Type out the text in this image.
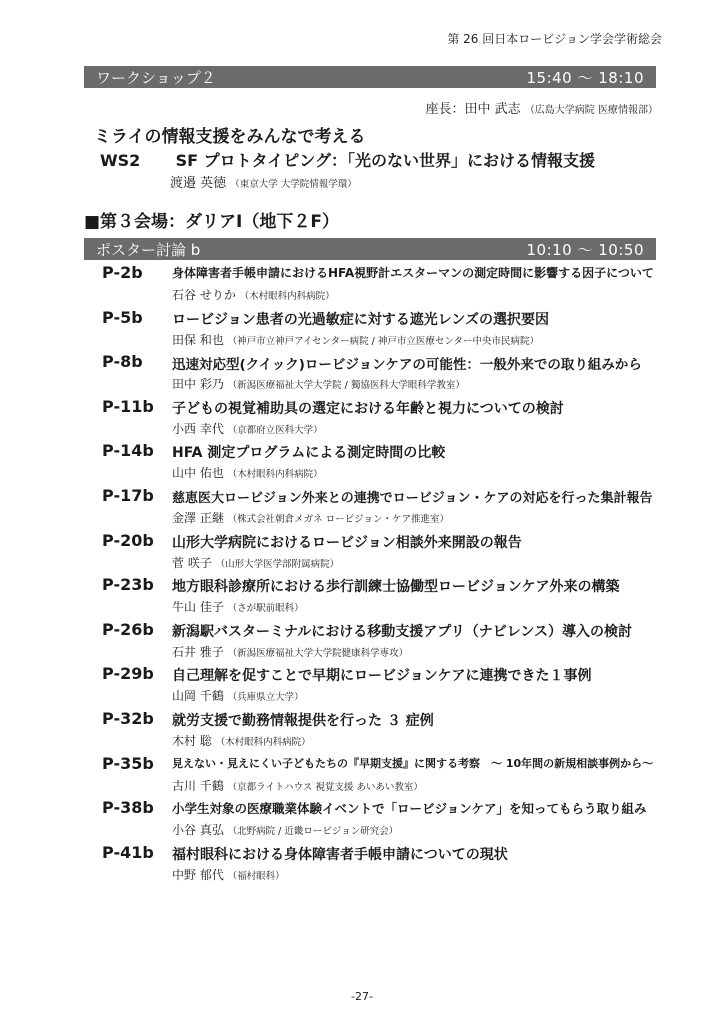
第 26 回日本ロービジョン学会学術総会
ワークショップ２	15:40 ～ 18:10
座長：田中 武志 （広島大学病院 医療情報部）
ミライの情報支援をみんなで考える
WS2 SF プロトタイピング：「光のない世界」における情報支援
渡邉 英徳 （東京大学 大学院情報学環）
■第３会場：ダリアⅠ（地下２F）
ポスター討論 b	10:10 ～ 10:50
P-2b 身体障害者手帳申請におけるHFA視野計エスターマンの測定時間に影響する因子について
石谷 せりか （木村眼科内科病院）
P-5b ロービジョン患者の光過敏症に対する遮光レンズの選択要因
田保 和也 （神戸市立神戸アイセンター病院 / 神戸市立医療センター中央市民病院）
P-8b 迅速対応型(クイック)ロービジョンケアの可能性：一般外来での取り組みから
田中 彩乃 （新潟医療福祉大学大学院 / 獨協医科大学眼科学教室）
P-11b 子どもの視覚補助具の選定における年齢と視力についての検討
小西 幸代 （京都府立医科大学）
P-14b HFA 測定プログラムによる測定時間の比較
山中 佑也 （木村眼科内科病院）
P-17b 慈恵医大ロービジョン外来との連携でロービジョン・ケアの対応を行った集計報告
金澤 正継 （株式会社朝倉メガネ ロービジョン・ケア推進室）
P-20b 山形大学病院におけるロービジョン相談外来開設の報告
菅 咲子 （山形大学医学部附属病院）
P-23b 地方眼科診療所における歩行訓練士協働型ロービジョンケア外来の構築
牛山 佳子 （さが駅前眼科）
P-26b 新潟駅バスターミナルにおける移動支援アプリ（ナビレンス）導入の検討
石井 雅子 （新潟医療福祉大学大学院健康科学専攻）
P-29b 自己理解を促すことで早期にロービジョンケアに連携できた１事例
山岡 千鶴 （兵庫県立大学）
P-32b 就労支援で勤務情報提供を行った ３ 症例
木村 聡 （木村眼科内科病院）
P-35b 見えない・見えにくい子どもたちの『早期支援』に関する考察　～ 10年間の新規相談事例から～
古川 千鶴 （京都ライトハウス 視覚支援 あいあい教室）
P-38b 小学生対象の医療職業体験イベントで「ロービジョンケア」を知ってもらう取り組み
小谷 真弘 （北野病院 / 近畿ロービジョン研究会）
P-41b 福村眼科における身体障害者手帳申請についての現状
中野 郁代 （福村眼科）
-27-
